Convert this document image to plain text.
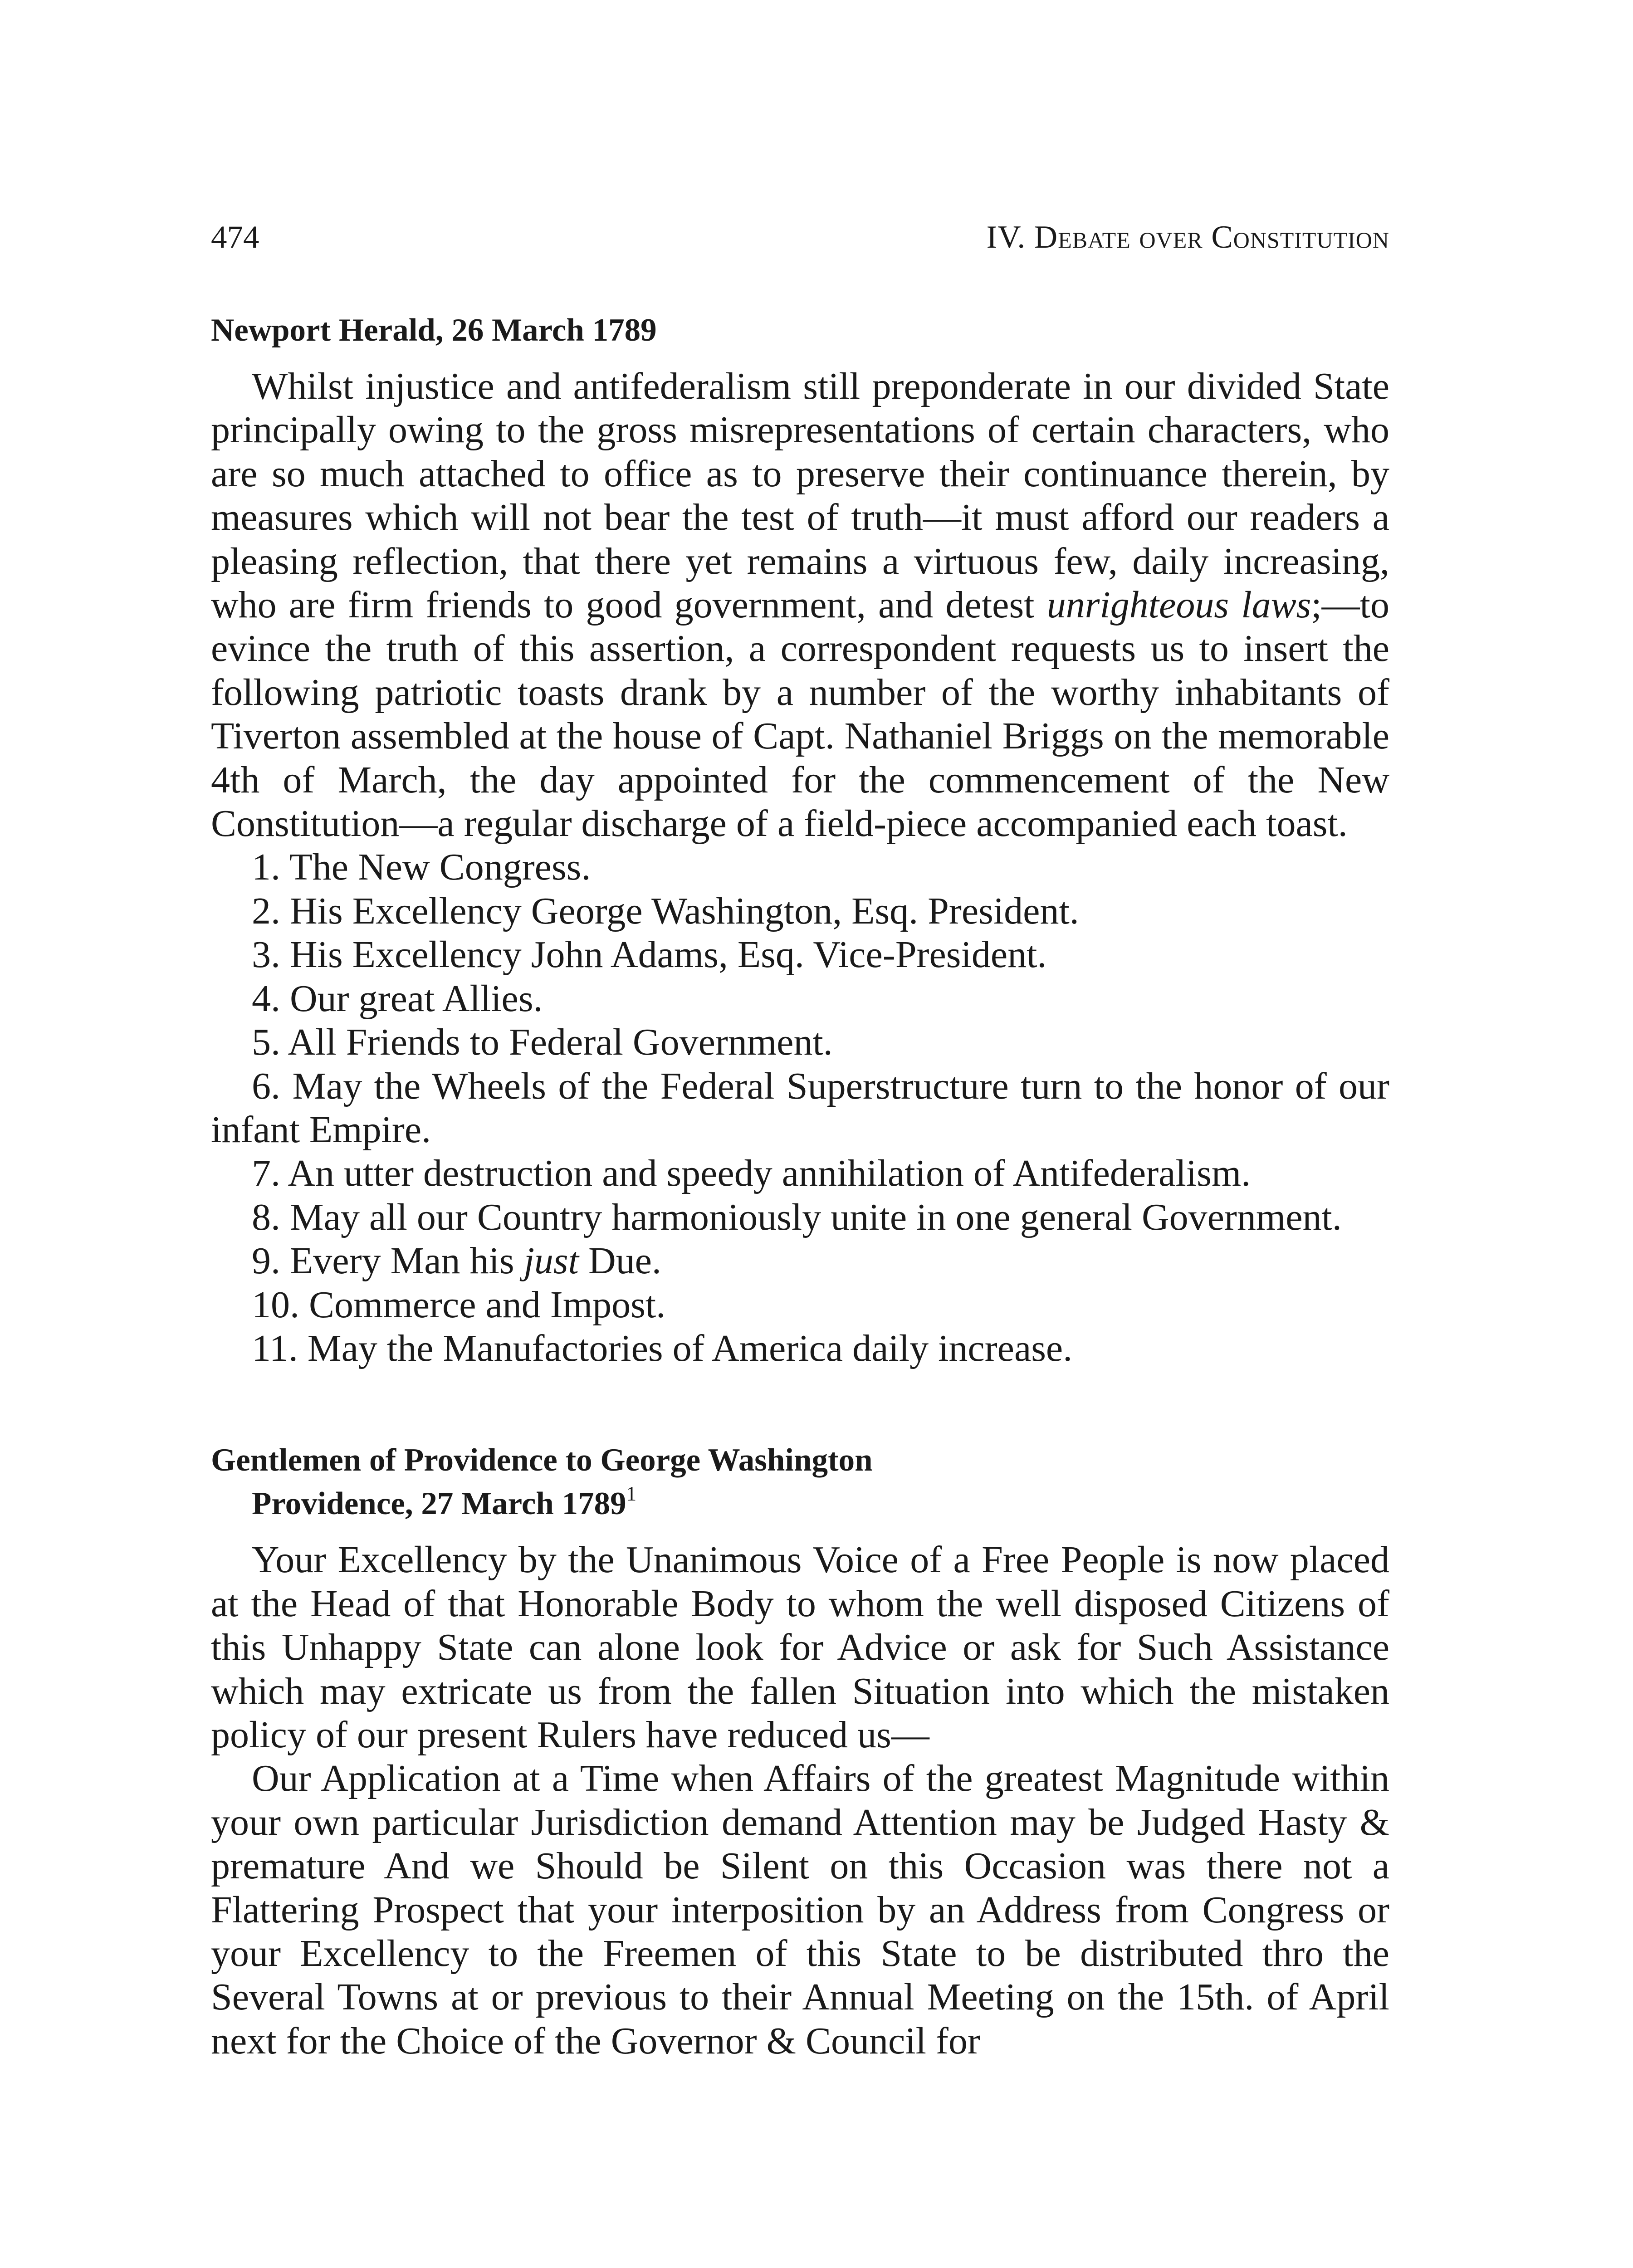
474	IV. Debate over Constitution
Newport Herald, 26 March 1789

Whilst injustice and antifederalism still preponderate in our divided State principally owing to the gross misrepresentations of certain characters, who are so much attached to office as to preserve their continuance therein, by measures which will not bear the test of truth—it must afford our readers a pleasing reflection, that there yet remains a virtuous few, daily increasing, who are firm friends to good government, and detest unrighteous laws;—to evince the truth of this assertion, a correspondent requests us to insert the following patriotic toasts drank by a number of the worthy inhabitants of Tiverton assembled at the house of Capt. Nathaniel Briggs on the memorable 4th of March, the day appointed for the commencement of the New Constitution—a regular discharge of a field-piece accompanied each toast.

1. The New Congress.

2. His Excellency George Washington, Esq. President.

3. His Excellency John Adams, Esq. Vice-President.

4. Our great Allies.

5. All Friends to Federal Government.

6. May the Wheels of the Federal Superstructure turn to the honor of our infant Empire.

7. An utter destruction and speedy annihilation of Antifederalism.

8. May all our Country harmoniously unite in one general Government.

9. Every Man his just Due.

10. Commerce and Impost.

11. May the Manufactories of America daily increase.

Gentlemen of Providence to George Washington
Providence, 27 March 1789$^1$

Your Excellency by the Unanimous Voice of a Free People is now placed at the Head of that Honorable Body to whom the well disposed Citizens of this Unhappy State can alone look for Advice or ask for Such Assistance which may extricate us from the fallen Situation into which the mistaken policy of our present Rulers have reduced us—

Our Application at a Time when Affairs of the greatest Magnitude within your own particular Jurisdiction demand Attention may be Judged Hasty & premature And we Should be Silent on this Occasion was there not a Flattering Prospect that your interposition by an Address from Congress or your Excellency to the Freemen of this State to be distributed thro the Several Towns at or previous to their Annual Meeting on the 15th. of April next for the Choice of the Governor & Council for
